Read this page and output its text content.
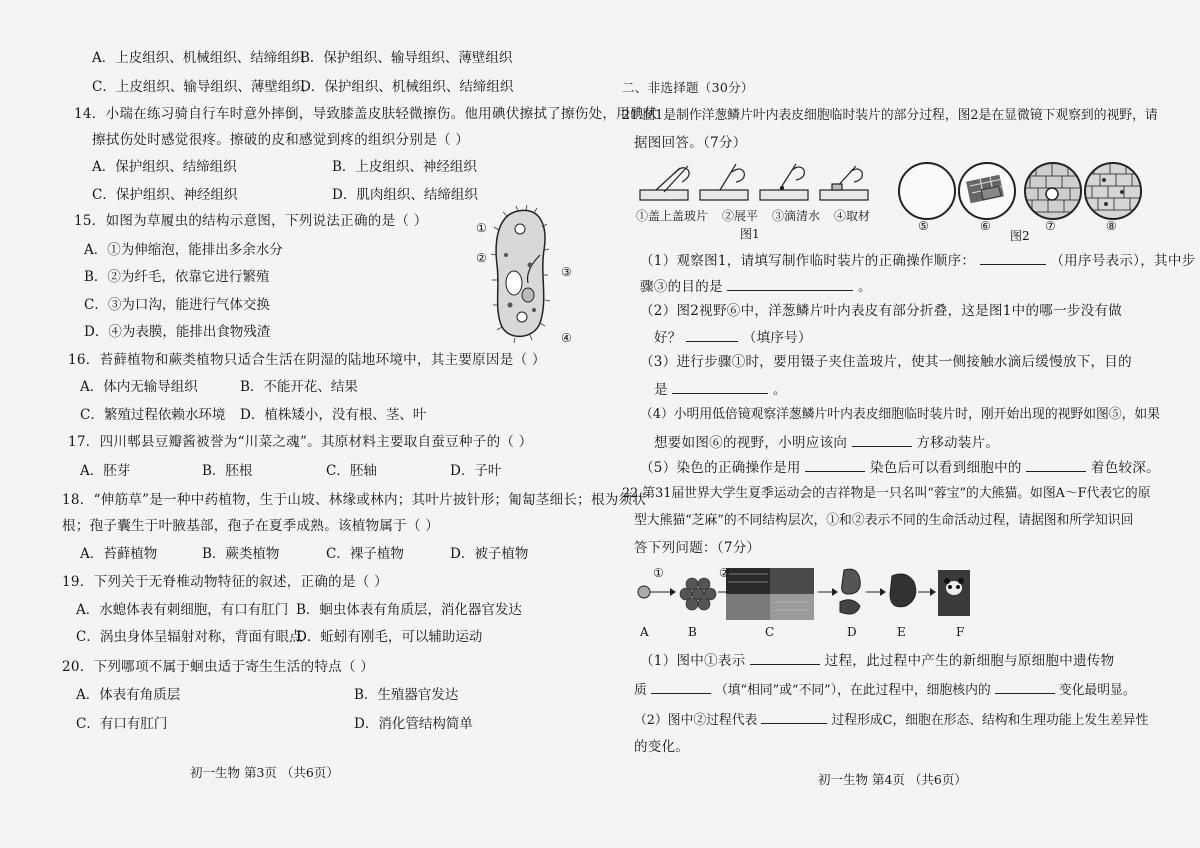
A．上皮组织、机械组织、结缔组织
B．保护组织、输导组织、薄壁组织
C．上皮组织、输导组织、薄壁组织
D．保护组织、机械组织、结缔组织
14．小瑞在练习骑自行车时意外摔倒，导致膝盖皮肤轻微擦伤。他用碘伏擦拭了擦伤处，用碘伏
擦拭伤处时感觉很疼。擦破的皮和感觉到疼的组织分别是（ ）
A．保护组织、结缔组织	B．上皮组织、神经组织
C．保护组织、神经组织	D．肌肉组织、结缔组织
15．如图为草履虫的结构示意图，下列说法正确的是（ ）
A．①为伸缩泡，能排出多余水分
B．②为纤毛，依靠它进行繁殖
C．③为口沟，能进行气体交换
D．④为表膜，能排出食物残渣
①
②
③
④
16．苔藓植物和蕨类植物只适合生活在阴湿的陆地环境中，其主要原因是（ ）
A．体内无输导组织	B．不能开花、结果
C．繁殖过程依赖水环境 D．植株矮小，没有根、茎、叶
17．四川郫县豆瓣酱被誉为“川菜之魂”。其原材料主要取自蚕豆种子的（ ）
A．胚芽	B．胚根	C．胚轴	D．子叶
18．“伸筋草”是一种中药植物，生于山坡、林缘或林内；其叶片披针形；匍匐茎细长；根为须状
根；孢子囊生于叶腋基部，孢子在夏季成熟。该植物属于（ ）
A．苔藓植物	B．蕨类植物	C．裸子植物	D．被子植物
19．下列关于无脊椎动物特征的叙述，正确的是（ ）
A．水螅体表有刺细胞，有口有肛门 B．蛔虫体表有角质层，消化器官发达
C．涡虫身体呈辐射对称，背面有眼点
D．蚯蚓有刚毛，可以辅助运动
20．下列哪项不属于蛔虫适于寄生生活的特点（ ）
A．体表有角质层	B．生殖器官发达
C．有口有肛门	D．消化管结构简单
初一生物 第3页 （共6页）
二、非选择题（30分）
21.图1是制作洋葱鳞片叶内表皮细胞临时装片的部分过程，图2是在显微镜下观察到的视野，请
据图回答。（7分）
①盖上盖玻片 ②展平 ③滴清水 ④取材
图1
⑤	⑥
图2
⑦	⑧
（1）观察图1，请填写制作临时装片的正确操作顺序：	（用序号表示），其中步
骤③的目的是	。
（2）图2视野⑥中，洋葱鳞片叶内表皮有部分折叠，这是图1中的哪一步没有做
好？	（填序号）
（3）进行步骤①时，要用镊子夹住盖玻片，使其一侧接触水滴后缓慢放下，目的
是	。
（4）小明用低倍镜观察洋葱鳞片叶内表皮细胞临时装片时，刚开始出现的视野如图⑤，如果
想要如图⑥的视野，小明应该向	方移动装片。
（5）染色的正确操作是用	染色后可以看到细胞中的	着色较深。
22.第31届世界大学生夏季运动会的吉祥物是一只名叫“蓉宝”的大熊猫。如图A～F代表它的原
型大熊猫“芝麻”的不同结构层次，①和②表示不同的生命活动过程，请据图和所学知识回
答下列问题：（7分）
①	②
A	B	C	D	E	F
（1）图中①表示	过程，此过程中产生的新细胞与原细胞中遗传物
质	（填“相同”或“不同”），在此过程中，细胞核内的	变化最明显。
（2）图中②过程代表	过程形成C，细胞在形态、结构和生理功能上发生差异性
的变化。
初一生物 第4页 （共6页）
